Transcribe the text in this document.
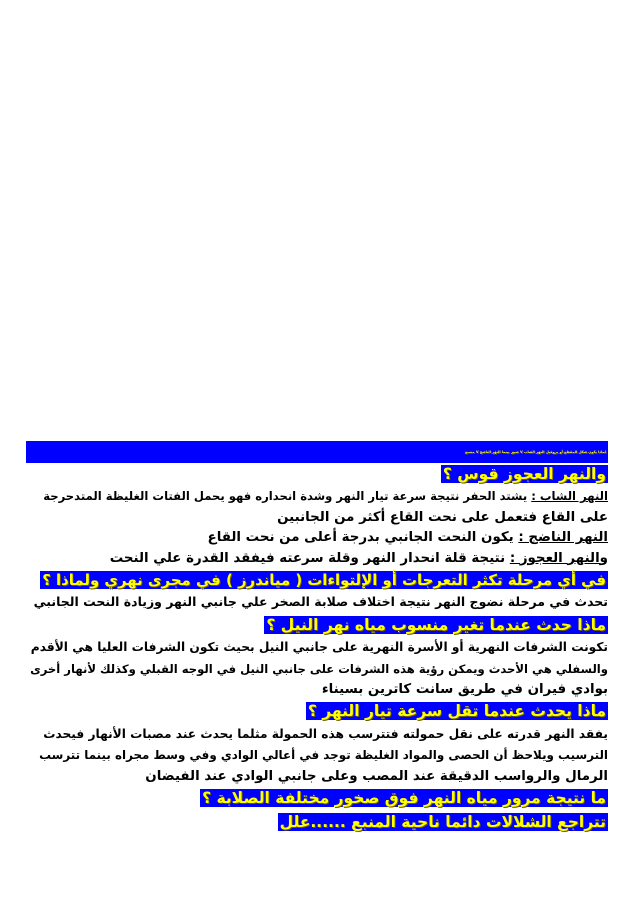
لماذا يكون شكل المقطع أو بروفيل النهر الشاب V ضيق بينما النهر الناضج V متسع
والنهر العجوز قوس ؟
النهر الشاب : يشتد الحفر نتيجة سرعة تيار النهر وشدة انحداره فهو يحمل الفتات الغليظة المتدحرجة
على القاع فتعمل على نحت القاع أكثر من الجانبين
النهر الناضج : يكون النحت الجانبي بدرجة أعلى من نحت القاع
والنهر العجوز : نتيجة قلة انحدار النهر وقلة سرعته فيفقد القدرة علي النحت
في أي مرحلة تكثر التعرجات أو الإلتواءات ( مياندرز ) في مجرى نهري ولماذا ؟
تحدث في مرحلة نضوج النهر نتيجة اختلاف صلابة الصخر علي جانبي النهر وزيادة النحت الجانبي
ماذا حدث عندما تغير منسوب مياه نهر النيل ؟
تكونت الشرفات النهرية أو الأسرة النهرية على جانبي النيل بحيث تكون الشرفات العليا هي الأقدم
والسفلي هي الأحدث ويمكن رؤية هذه الشرفات على جانبي النيل في الوجه القبلي وكذلك لأنهار أخرى
بوادي فيران في طريق سانت كاترين بسيناء
ماذا يحدث عندما تقل سرعة تيار النهر ؟
يفقد النهر قدرته على نقل حمولته فتترسب هذه الحمولة مثلما يحدث عند مصبات الأنهار فيحدث
الترسيب ويلاحظ أن الحصى والمواد الغليظة توجد في أعالي الوادي وفي وسط مجراه بينما تترسب
الرمال والرواسب الدقيقة عند المصب وعلى جانبي الوادي عند الفيضان
ما نتيجة مرور مياه النهر فوق صخور مختلفة الصلابة ؟
تتراجع الشلالات دائما ناحية المنبع ......علل
